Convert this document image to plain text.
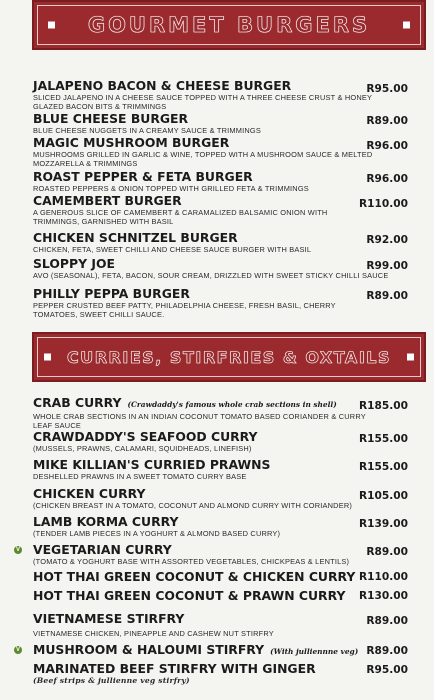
GOURMET BURGERS
JALAPENO BACON & CHEESE BURGER
SLICED JALAPENO IN A CHEESE SAUCE TOPPED WITH A THREE CHEESE CRUST & HONEY GLAZED BACON BITS & TRIMMINGS
R95.00
BLUE CHEESE BURGER
BLUE CHEESE NUGGETS IN A CREAMY SAUCE & TRIMMINGS
R89.00
MAGIC MUSHROOM BURGER
MUSHROOMS GRILLED IN GARLIC & WINE, TOPPED WITH A MUSHROOM SAUCE & MELTED MOZZARELLA & TRIMMINGS
R96.00
ROAST PEPPER & FETA BURGER
ROASTED PEPPERS & ONION TOPPED WITH GRILLED FETA & TRIMMINGS
R96.00
CAMEMBERT BURGER
A GENEROUS SLICE OF CAMEMBERT & CARAMALIZED BALSAMIC ONION WITH TRIMMINGS, GARNISHED WITH BASIL
R110.00
CHICKEN SCHNITZEL BURGER
CHICKEN, FETA, SWEET CHILLI AND CHEESE SAUCE BURGER WITH BASIL
R92.00
SLOPPY JOE
AVO (SEASONAL), FETA, BACON, SOUR CREAM, DRIZZLED WITH SWEET STICKY CHILLI SAUCE
R99.00
PHILLY PEPPA BURGER
PEPPER CRUSTED BEEF PATTY, PHILADELPHIA CHEESE, FRESH BASIL, CHERRY TOMATOES, SWEET CHILLI SAUCE.
R89.00
CURRIES, STIRFRIES & OXTAILS
CRAB CURRY (Crawdaddy's famous whole crab sections in shell)
WHOLE CRAB SECTIONS IN AN INDIAN COCONUT TOMATO BASED CORIANDER & CURRY LEAF SAUCE
R185.00
CRAWDADDY'S SEAFOOD CURRY
(MUSSELS, PRAWNS, CALAMARI, SQUIDHEADS, LINEFISH)
R155.00
MIKE KILLIAN'S CURRIED PRAWNS
DESHELLED PRAWNS IN A SWEET TOMATO CURRY BASE
R155.00
CHICKEN CURRY
(CHICKEN BREAST IN A TOMATO, COCONUT AND ALMOND CURRY WITH CORIANDER)
R105.00
LAMB KORMA CURRY
(TENDER LAMB PIECES IN A YOGHURT & ALMOND BASED CURRY)
R139.00
V VEGETARIAN CURRY
(TOMATO & YOGHURT BASE WITH ASSORTED VEGETABLES, CHICKPEAS & LENTILS)
R89.00
HOT THAI GREEN COCONUT & CHICKEN CURRY R110.00
HOT THAI GREEN COCONUT & PRAWN CURRY	R130.00
VIETNAMESE STIRFRY
VIETNAMESE CHICKEN, PINEAPPLE AND CASHEW NUT STIRFRY
R89.00
V MUSHROOM & HALOUMI STIRFRY (With julliennne veg) R89.00
MARINATED BEEF STIRFRY WITH GINGER
(Beef strips & jullienne veg stirfry)
R95.00
